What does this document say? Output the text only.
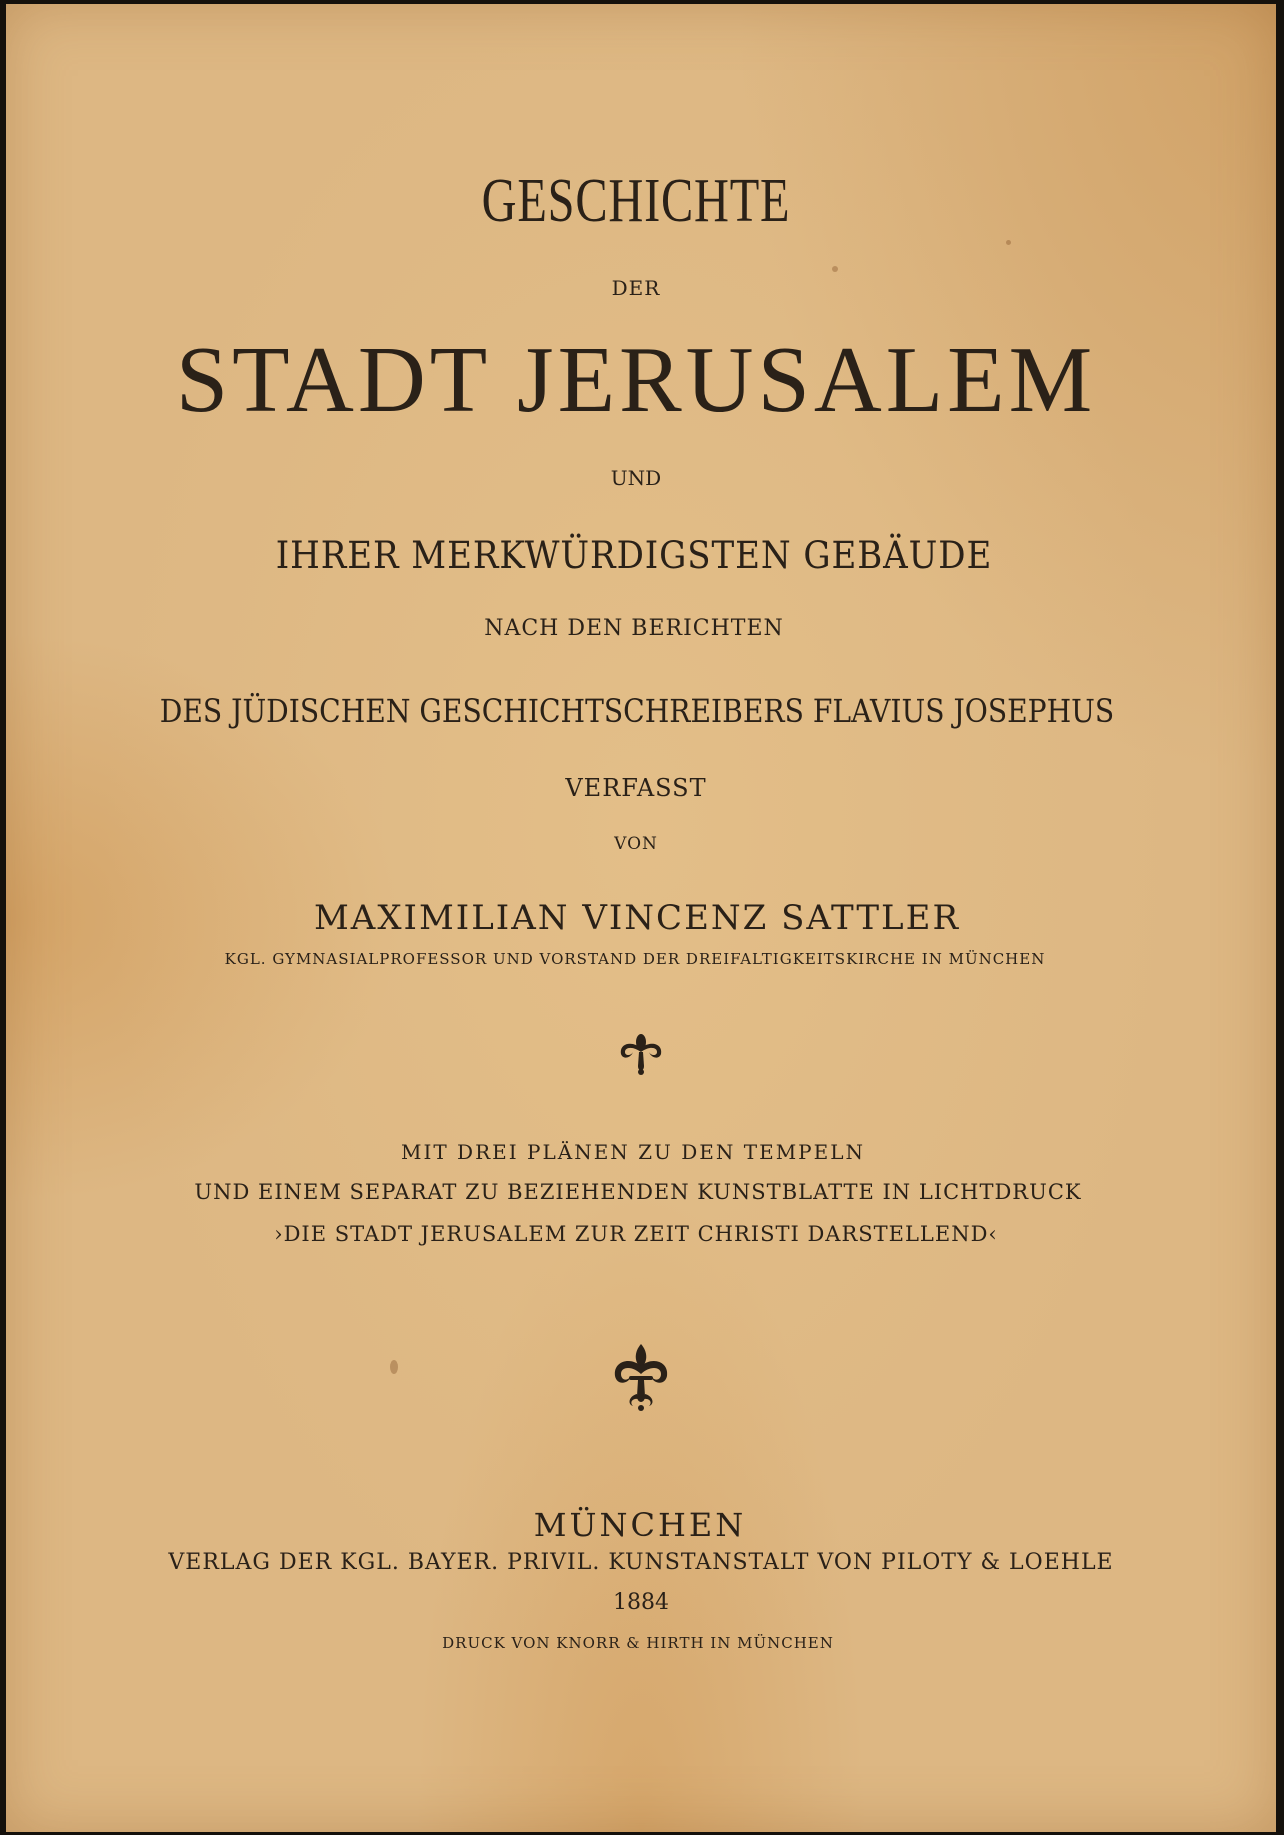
GESCHICHTE
DER
STADT JERUSALEM
UND
IHRER MERKWÜRDIGSTEN GEBÄUDE
NACH DEN BERICHTEN
DES JÜDISCHEN GESCHICHTSCHREIBERS FLAVIUS JOSEPHUS
VERFASST
VON
MAXIMILIAN VINCENZ SATTLER
KGL. GYMNASIALPROFESSOR UND VORSTAND DER DREIFALTIGKEITSKIRCHE IN MÜNCHEN
MIT DREI PLÄNEN ZU DEN TEMPELN
UND EINEM SEPARAT ZU BEZIEHENDEN KUNSTBLATTE IN LICHTDRUCK
›DIE STADT JERUSALEM ZUR ZEIT CHRISTI DARSTELLEND‹
MÜNCHEN
VERLAG DER KGL. BAYER. PRIVIL. KUNSTANSTALT VON PILOTY & LOEHLE
1884
DRUCK VON KNORR & HIRTH IN MÜNCHEN
